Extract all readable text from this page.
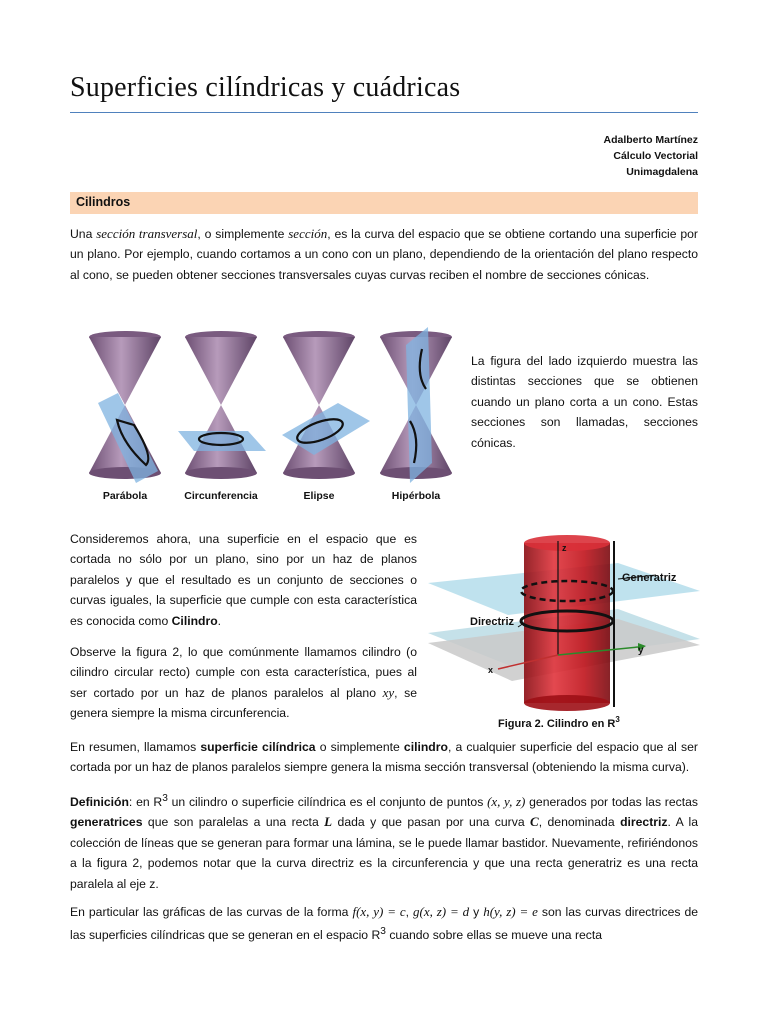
Superficies cilíndricas y cuádricas
Adalberto Martínez
Cálculo Vectorial
Unimagdalena
Cilindros

Una sección transversal, o simplemente sección, es la curva del espacio que se obtiene cortando una superficie por un plano. Por ejemplo, cuando cortamos a un cono con un plano, dependiendo de la orientación del plano respecto al cono, se pueden obtener secciones transversales cuyas curvas reciben el nombre de secciones cónicas.

Parábola	Circunferencia	Elipse	Hipérbola

La figura del lado izquierdo muestra las distintas secciones que se obtienen cuando un plano corta a un cono. Estas secciones son llamadas, secciones cónicas.

Consideremos ahora, una superficie en el espacio que es cortada no sólo por un plano, sino por un haz de planos paralelos y que el resultado es un conjunto de secciones o curvas iguales, la superficie que cumple con esta característica es conocida como Cilindro.

Observe la figura 2, lo que comúnmente llamamos cilindro (o cilindro circular recto) cumple con esta característica, pues al ser cortado por un haz de planos paralelos al plano xy, se genera siempre la misma circunferencia.

Generatriz
Directriz
z
y
x
Figura 2. Cilindro en $R^3$

En resumen, llamamos superficie cilíndrica o simplemente cilindro, a cualquier superficie del espacio que al ser cortada por un haz de planos paralelos siempre genera la misma sección transversal (obteniendo la misma curva).

Definición: en $R^3$ un cilindro o superficie cilíndrica es el conjunto de puntos (x, y, z) generados por todas las rectas generatrices que son paralelas a una recta L dada y que pasan por una curva C, denominada directriz. A la colección de líneas que se generan para formar una lámina, se le puede llamar bastidor. Nuevamente, refiriéndonos a la figura 2, podemos notar que la curva directriz es la circunferencia y que una recta generatriz es una recta paralela al eje z.

En particular las gráficas de las curvas de la forma f(x, y) = c, g(x, z) = d y h(y, z) = e son las curvas directrices de las superficies cilíndricas que se generan en el espacio $R^3$ cuando sobre ellas se mueve una recta
